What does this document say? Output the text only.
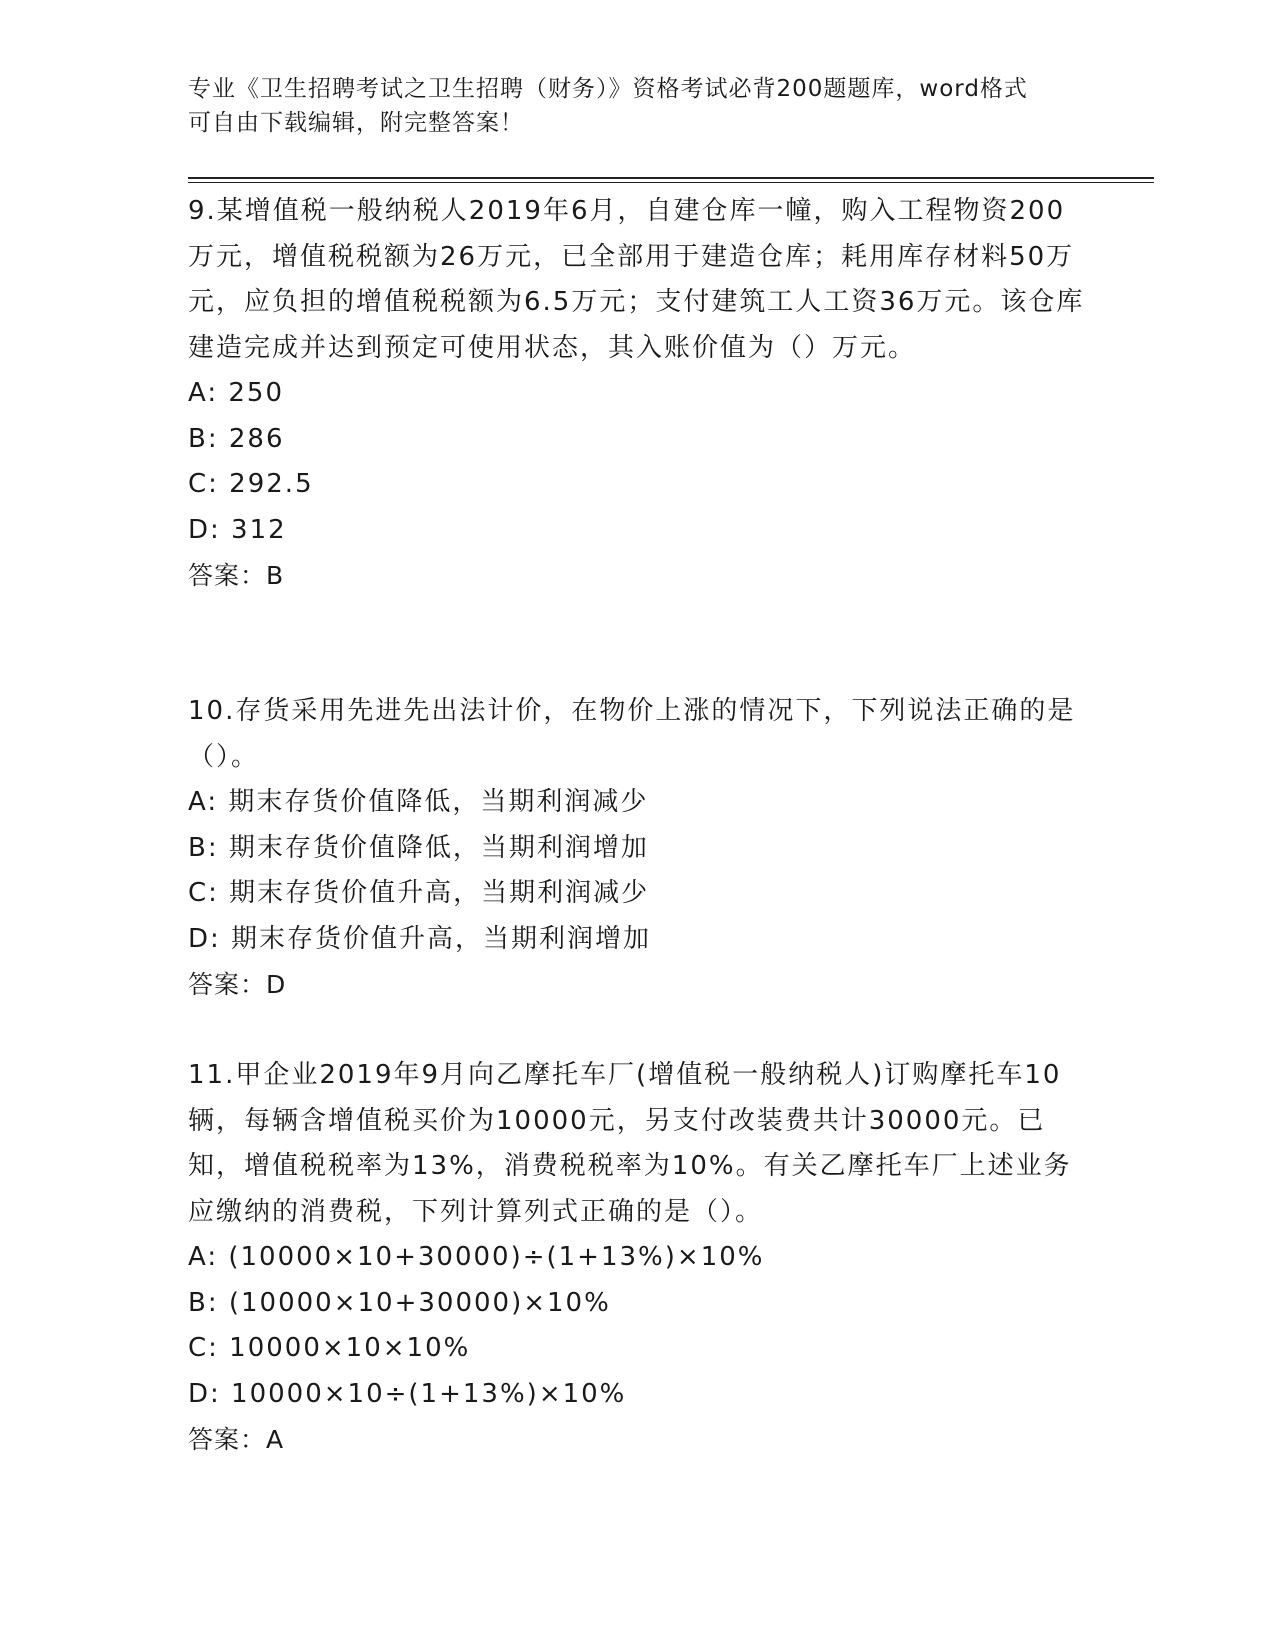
专业《卫生招聘考试之卫生招聘（财务）》资格考试必背200题题库，word格式
可自由下载编辑，附完整答案！

9.某增值税一般纳税人2019年6月，自建仓库一幢，购入工程物资200万元，增值税税额为26万元，已全部用于建造仓库；耗用库存材料50万元，应负担的增值税税额为6.5万元；支付建筑工人工资36万元。该仓库建造完成并达到预定可使用状态，其入账价值为（）万元。

A: 250

B: 286

C: 292.5

D: 312

答案：B

10.存货采用先进先出法计价，在物价上涨的情况下，下列说法正确的是（）。

A: 期末存货价值降低，当期利润减少

B: 期末存货价值降低，当期利润增加

C: 期末存货价值升高，当期利润减少

D: 期末存货价值升高，当期利润增加

答案：D

11.甲企业2019年9月向乙摩托车厂(增值税一般纳税人)订购摩托车10辆，每辆含增值税买价为10000元，另支付改装费共计30000元。已知，增值税税率为13%，消费税税率为10%。有关乙摩托车厂上述业务应缴纳的消费税，下列计算列式正确的是（）。

A: (10000×10+30000)÷(1+13%)×10%

B: (10000×10+30000)×10%

C: 10000×10×10%

D: 10000×10÷(1+13%)×10%

答案：A
